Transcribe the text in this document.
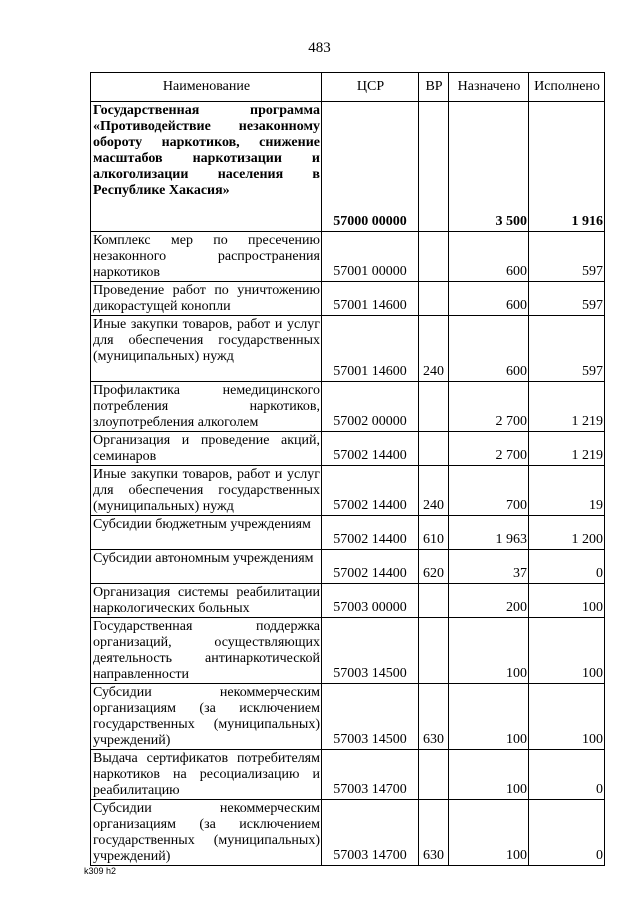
483
Наименование	ЦСР	ВР	Назначено	Исполнено
Государственная программа «Противодействие незаконному обороту наркотиков, снижение масштабов наркотизации и алкоголизации населения в Республике Хакасия»	57000 00000		3 500	1 916
Комплекс мер по пресечению незаконного распространения наркотиков	57001 00000		600	597
Проведение работ по уничтожению дикорастущей конопли	57001 14600		600	597
Иные закупки товаров, работ и услуг для обеспечения государственных (муниципальных) нужд	57001 14600	240	600	597
Профилактика немедицинского потребления наркотиков, злоупотребления алкоголем	57002 00000		2 700	1 219
Организация и проведение акций, семинаров	57002 14400		2 700	1 219
Иные закупки товаров, работ и услуг для обеспечения государственных (муниципальных) нужд	57002 14400	240	700	19
Субсидии бюджетным учреждениям	57002 14400	610	1 963	1 200
Субсидии автономным учреждениям	57002 14400	620	37	0
Организация системы реабилитации наркологических больных	57003 00000		200	100
Государственная поддержка организаций, осуществляющих деятельность антинаркотической направленности	57003 14500		100	100
Субсидии некоммерческим организациям (за исключением государственных (муниципальных) учреждений)	57003 14500	630	100	100
Выдача сертификатов потребителям наркотиков на ресоциализацию и реабилитацию	57003 14700		100	0
Субсидии некоммерческим организациям (за исключением государственных (муниципальных) учреждений)	57003 14700	630	100	0
k309 h2
